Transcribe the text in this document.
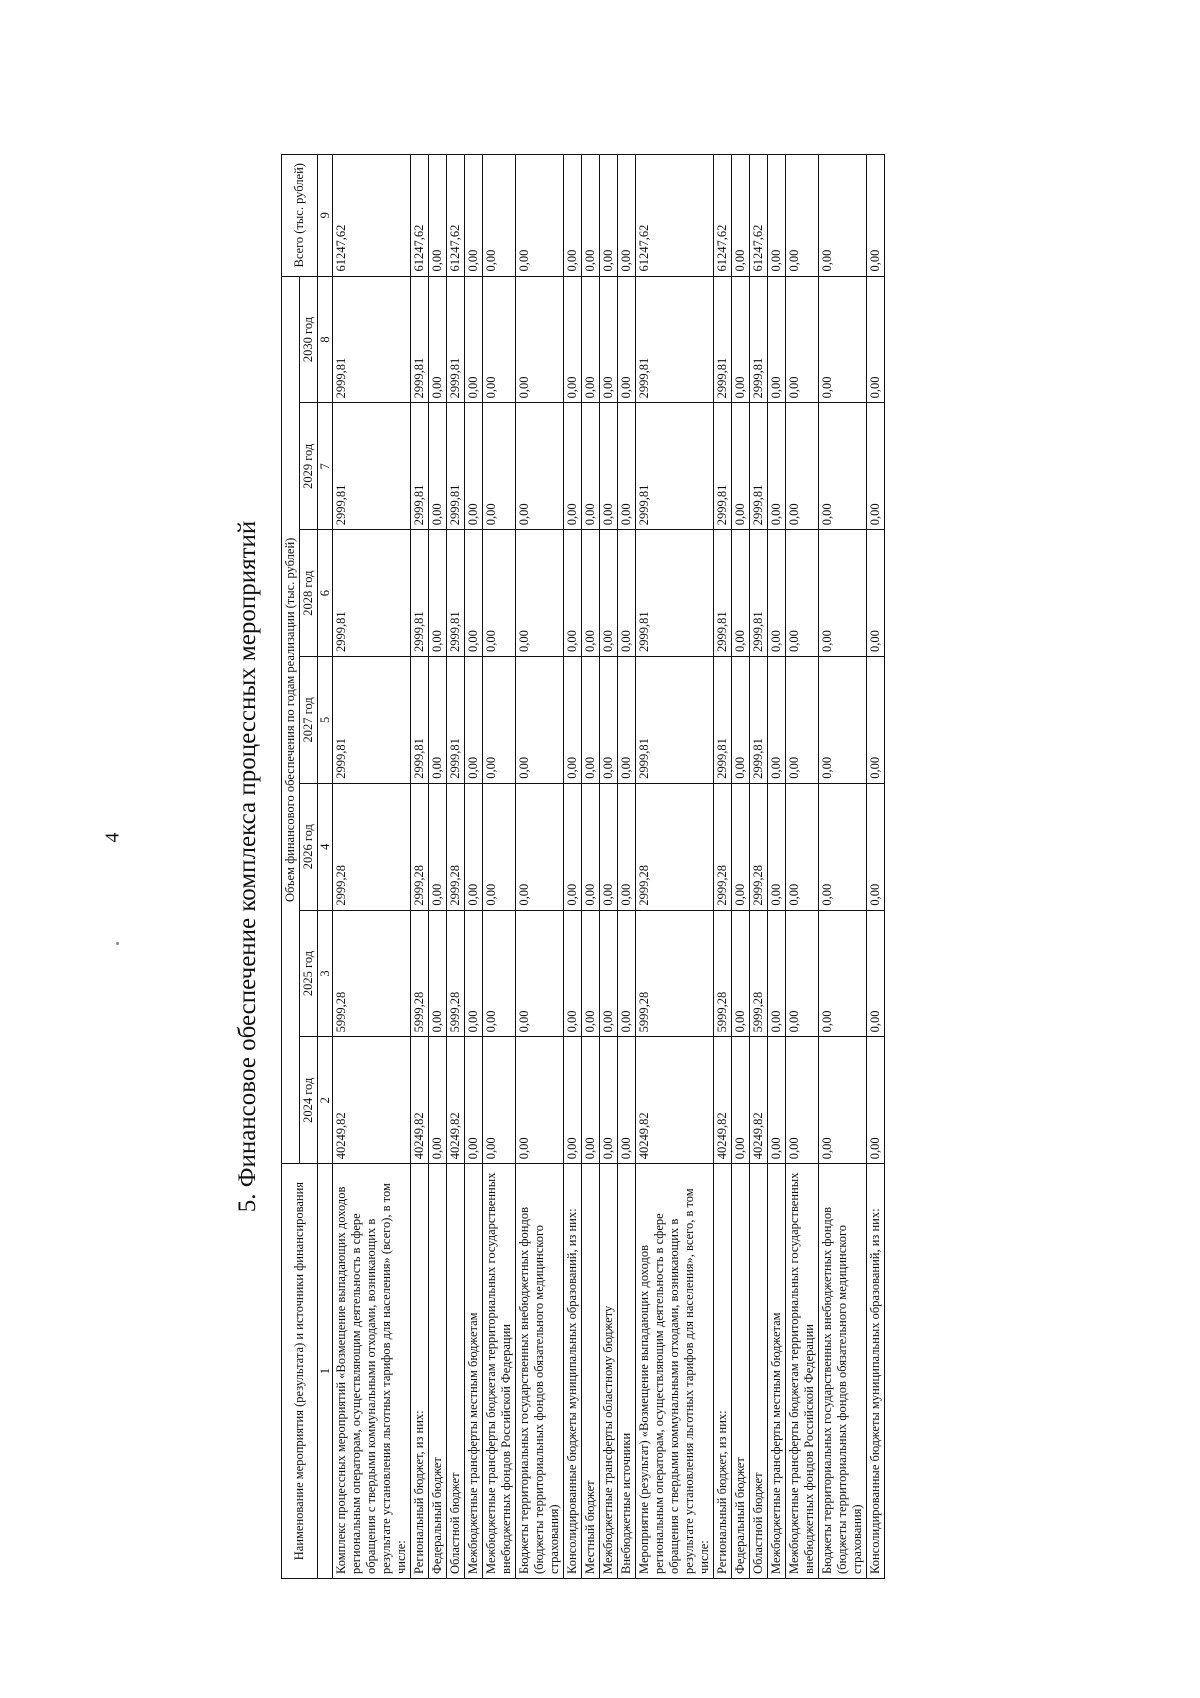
4	5. Финансовое обеспечение комплекса процессных мероприятий
Наименование мероприятия (результата) и источники финансирования	Объем финансового обеспечения по годам реализации (тыс. рублей)							Всего (тыс. рублей)
	2024 год	2025 год	2026 год	2027 год	2028 год	2029 год	2030 год	
1	2	3	4	5	6	7	8	9
Комплекс процессных мероприятий «Возмещение выпадающих доходов региональным операторам, осуществляющим деятельность в сфере обращения с твердыми коммунальными отходами, возникающих в результате установления льготных тарифов для населения» (всего), в том числе:	40249,82	5999,28	2999,28	2999,81	2999,81	2999,81	2999,81	61247,62
Региональный бюджет, из них:	40249,82	5999,28	2999,28	2999,81	2999,81	2999,81	2999,81	61247,62
Федеральный бюджет	0,00	0,00	0,00	0,00	0,00	0,00	0,00	0,00
Областной бюджет	40249,82	5999,28	2999,28	2999,81	2999,81	2999,81	2999,81	61247,62
Межбюджетные трансферты местным бюджетам	0,00	0,00	0,00	0,00	0,00	0,00	0,00	0,00
Межбюджетные трансферты бюджетам территориальных государственных внебюджетных фондов Российской Федерации	0,00	0,00	0,00	0,00	0,00	0,00	0,00	0,00
Бюджеты территориальных государственных внебюджетных фондов (бюджеты территориальных фондов обязательного медицинского страхования)	0,00	0,00	0,00	0,00	0,00	0,00	0,00	0,00
Консолидированные бюджеты муниципальных образований, из них:	0,00	0,00	0,00	0,00	0,00	0,00	0,00	0,00
Местный бюджет	0,00	0,00	0,00	0,00	0,00	0,00	0,00	0,00
Межбюджетные трансферты областному бюджету	0,00	0,00	0,00	0,00	0,00	0,00	0,00	0,00
Внебюджетные источники	0,00	0,00	0,00	0,00	0,00	0,00	0,00	0,00
Мероприятие (результат) «Возмещение выпадающих доходов региональным операторам, осуществляющим деятельность в сфере обращения с твердыми коммунальными отходами, возникающих в результате установления льготных тарифов для населения», всего, в том числе:	40249,82	5999,28	2999,28	2999,81	2999,81	2999,81	2999,81	61247,62
Региональный бюджет, из них:	40249,82	5999,28	2999,28	2999,81	2999,81	2999,81	2999,81	61247,62
Федеральный бюджет	0,00	0,00	0,00	0,00	0,00	0,00	0,00	0,00
Областной бюджет	40249,82	5999,28	2999,28	2999,81	2999,81	2999,81	2999,81	61247,62
Межбюджетные трансферты местным бюджетам	0,00	0,00	0,00	0,00	0,00	0,00	0,00	0,00
Межбюджетные трансферты бюджетам территориальных государственных внебюджетных фондов Российской Федерации	0,00	0,00	0,00	0,00	0,00	0,00	0,00	0,00
Бюджеты территориальных государственных внебюджетных фондов (бюджеты территориальных фондов обязательного медицинского страхования)	0,00	0,00	0,00	0,00	0,00	0,00	0,00	0,00
Консолидированные бюджеты муниципальных образований, из них:	0,00	0,00	0,00	0,00	0,00	0,00	0,00	0,00
